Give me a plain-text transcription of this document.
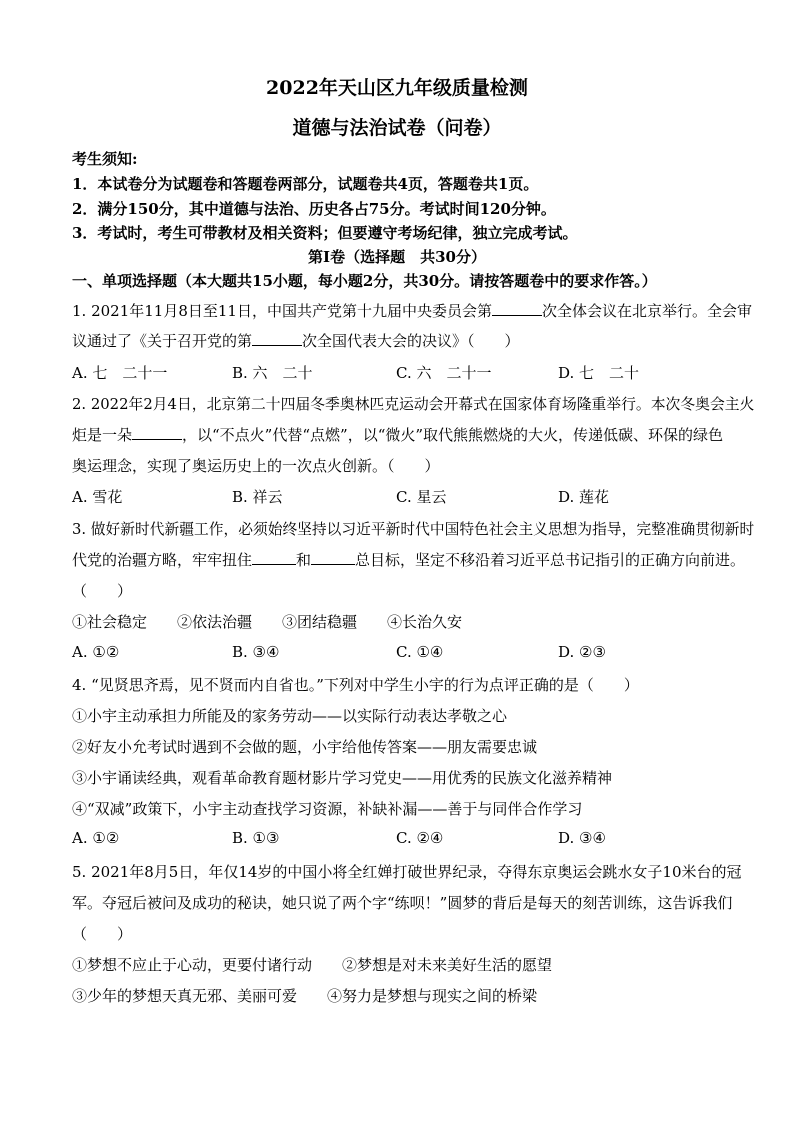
2022年天山区九年级质量检测
道德与法治试卷（问卷）
考生须知:
1．本试卷分为试题卷和答题卷两部分，试题卷共4页，答题卷共1页。
2．满分150分，其中道德与法治、历史各占75分。考试时间120分钟。
3．考试时，考生可带教材及相关资料；但要遵守考场纪律，独立完成考试。
第Ⅰ卷（选择题　共30分）
一、单项选择题（本大题共15小题，每小题2分，共30分。请按答题卷中的要求作答。）
1. 2021年11月8日至11日，中国共产党第十九届中央委员会第	次全体会议在北京举行。全会审
议通过了《关于召开党的第	次全国代表大会的决议》（　　）
A. 七　二十一	B. 六　二十	C. 六　二十一	D. 七　二十
2. 2022年2月4日，北京第二十四届冬季奥林匹克运动会开幕式在国家体育场隆重举行。本次冬奥会主火
炬是一朵	，以“不点火”代替“点燃”，以“微火”取代熊熊燃烧的大火，传递低碳、环保的绿色
奥运理念，实现了奥运历史上的一次点火创新。（　　）
A. 雪花	B. 祥云	C. 星云	D. 莲花
3. 做好新时代新疆工作，必须始终坚持以习近平新时代中国特色社会主义思想为指导，完整准确贯彻新时
代党的治疆方略，牢牢扭住	和	总目标，坚定不移沿着习近平总书记指引的正确方向前进。
（　　）
①社会稳定　　②依法治疆　　③团结稳疆　　④长治久安
A. ①②	B. ③④	C. ①④	D. ②③
4. “见贤思齐焉，见不贤而内自省也。”下列对中学生小宇的行为点评正确的是（　　）
①小宇主动承担力所能及的家务劳动——以实际行动表达孝敬之心
②好友小允考试时遇到不会做的题，小宇给他传答案——朋友需要忠诚
③小宇诵读经典，观看革命教育题材影片学习党史——用优秀的民族文化滋养精神
④“双减”政策下，小宇主动查找学习资源，补缺补漏——善于与同伴合作学习
A. ①②	B. ①③	C. ②④	D. ③④
5. 2021年8月5日，年仅14岁的中国小将全红婵打破世界纪录，夺得东京奥运会跳水女子10米台的冠
军。夺冠后被问及成功的秘诀，她只说了两个字“练呗！”圆梦的背后是每天的刻苦训练，这告诉我们
（　　）
①梦想不应止于心动，更要付诸行动　　②梦想是对未来美好生活的愿望
③少年的梦想天真无邪、美丽可爱　　④努力是梦想与现实之间的桥梁
